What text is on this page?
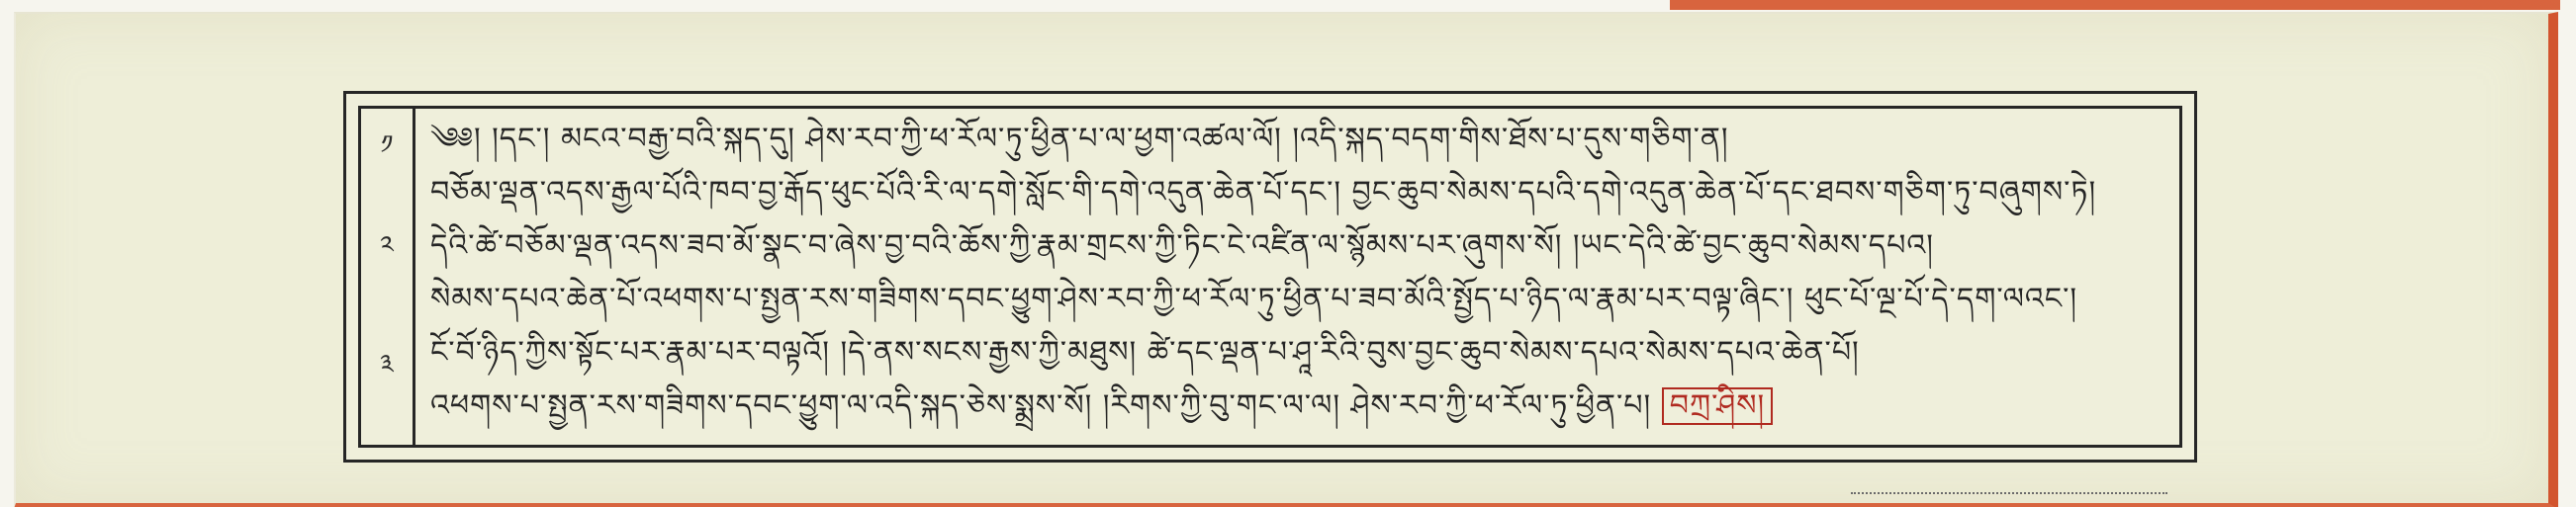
༡
༢
༣
༄༅། །དང་། མངའ་བརྒྱ་བའི་སྐད་དུ། ཤེས་རབ་ཀྱི་ཕ་རོལ་ཏུ་ཕྱིན་པ་ལ་ཕྱག་འཚལ་ལོ། །འདི་སྐད་བདག་གིས་ཐོས་པ་དུས་གཅིག་ན།
བཅོམ་ལྡན་འདས་རྒྱལ་པོའི་ཁབ་བྱ་རྒོད་ཕུང་པོའི་རི་ལ་དགེ་སློང་གི་དགེ་འདུན་ཆེན་པོ་དང་། བྱང་ཆུབ་སེམས་དཔའི་དགེ་འདུན་ཆེན་པོ་དང་ཐབས་གཅིག་ཏུ་བཞུགས་ཏེ།
དེའི་ཚེ་བཅོམ་ལྡན་འདས་ཟབ་མོ་སྣང་བ་ཞེས་བྱ་བའི་ཆོས་ཀྱི་རྣམ་གྲངས་ཀྱི་ཏིང་ངེ་འཛིན་ལ་སྙོམས་པར་ཞུགས་སོ། །ཡང་དེའི་ཚེ་བྱང་ཆུབ་སེམས་དཔའ།
སེམས་དཔའ་ཆེན་པོ་འཕགས་པ་སྤྱན་རས་གཟིགས་དབང་ཕྱུག་ཤེས་རབ་ཀྱི་ཕ་རོལ་ཏུ་ཕྱིན་པ་ཟབ་མོའི་སྤྱོད་པ་ཉིད་ལ་རྣམ་པར་བལྟ་ཞིང་། ཕུང་པོ་ལྔ་པོ་དེ་དག་ལའང་།
ངོ་བོ་ཉིད་ཀྱིས་སྟོང་པར་རྣམ་པར་བལྟའོ། །དེ་ནས་སངས་རྒྱས་ཀྱི་མཐུས། ཚེ་དང་ལྡན་པ་ཤཱ་རིའི་བུས་བྱང་ཆུབ་སེམས་དཔའ་སེམས་དཔའ་ཆེན་པོ།
འཕགས་པ་སྤྱན་རས་གཟིགས་དབང་ཕྱུག་ལ་འདི་སྐད་ཅེས་སྨྲས་སོ། །རིགས་ཀྱི་བུ་གང་ལ་ལ། ཤེས་རབ་ཀྱི་ཕ་རོལ་ཏུ་ཕྱིན་པ། བཀྲ་ཤིས།
